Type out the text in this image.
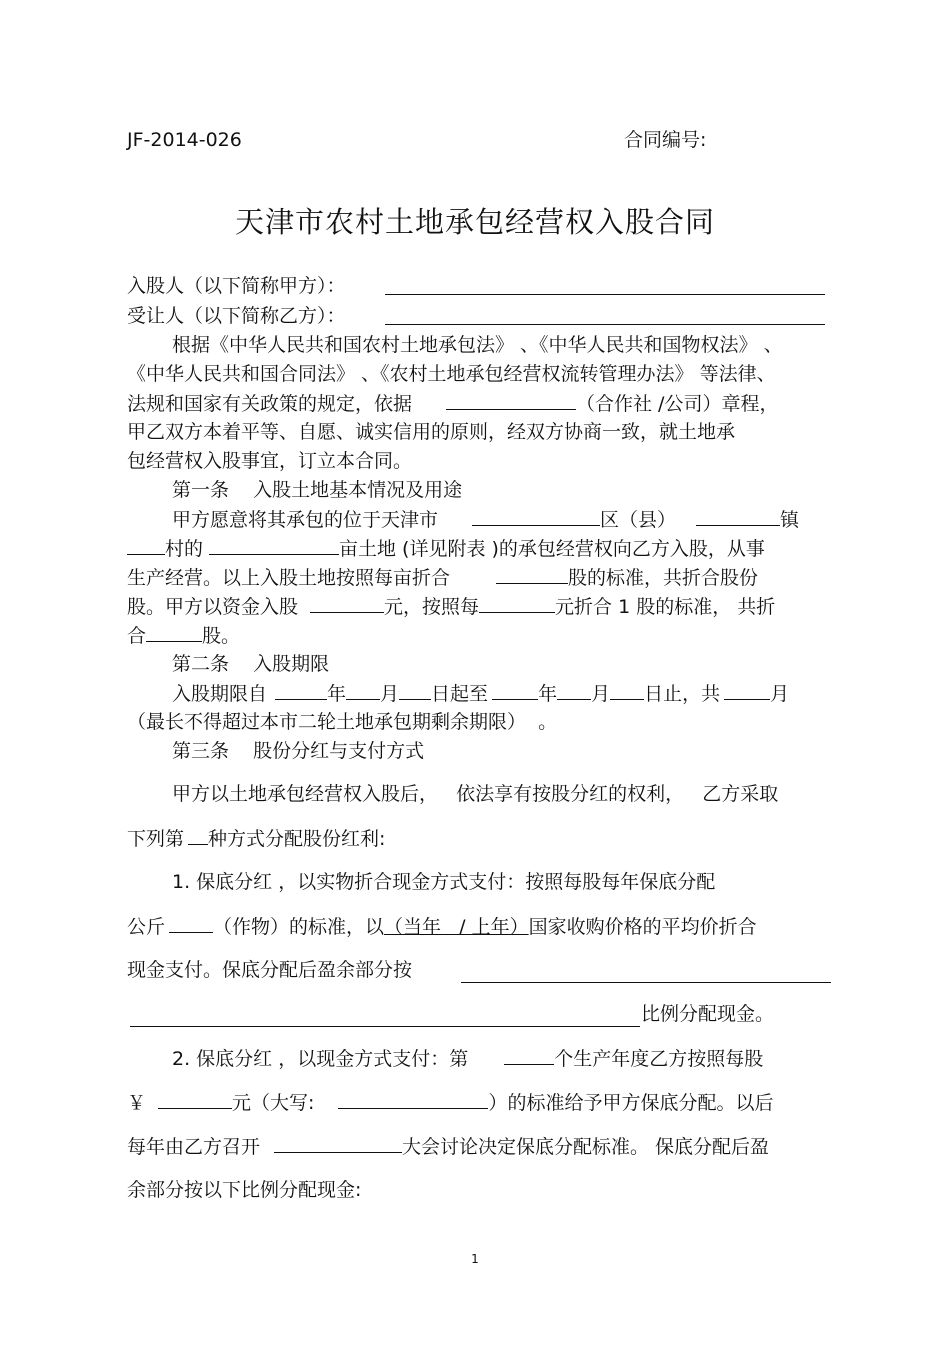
JF-2014-026	合同编号:
天津市农村土地承包经营权入股合同
入股人（以下简称甲方）：
受让人（以下简称乙方）：
根据《中华人民共和国农村土地承包法》 、《中华人民共和国物权法》 、
《中华人民共和国合同法》 、《农村土地承包经营权流转管理办法》 等法律、
法规和国家有关政策的规定，依据	（合作社 /公司）章程，
甲乙双方本着平等、自愿、诚实信用的原则，经双方协商一致，就土地承
包经营权入股事宜，订立本合同。
第一条    入股土地基本情况及用途
甲方愿意将其承包的位于天津市	区（县）	镇
村的	亩土地 (详见附表 )的承包经营权向乙方入股，从事
生产经营。以上入股土地按照每亩折合	股的标准，共折合股份
股。甲方以资金入股	元，按照每	元折合 1 股的标准， 共折
合	股。
第二条    入股期限
入股期限自	年 月 日起至	年 月 日止，共	月
（最长不得超过本市二轮土地承包期剩余期限）  。
第三条    股份分红与支付方式
甲方以土地承包经营权入股后，   依法享有按股分红的权利，   乙方采取
下列第 种方式分配股份红利:
1. 保底分红 ，以实物折合现金方式支付：按照每股每年保底分配
公斤	（作物）的标准，以（当年   / 上年）国家收购价格的平均价折合
现金支付。保底分配后盈余部分按
比例分配现金。
2. 保底分红 ，以现金方式支付：第	个生产年度乙方按照每股
￥	元（大写:	）的标准给予甲方保底分配。以后
每年由乙方召开	大会讨论决定保底分配标准。 保底分配后盈
余部分按以下比例分配现金:
1
